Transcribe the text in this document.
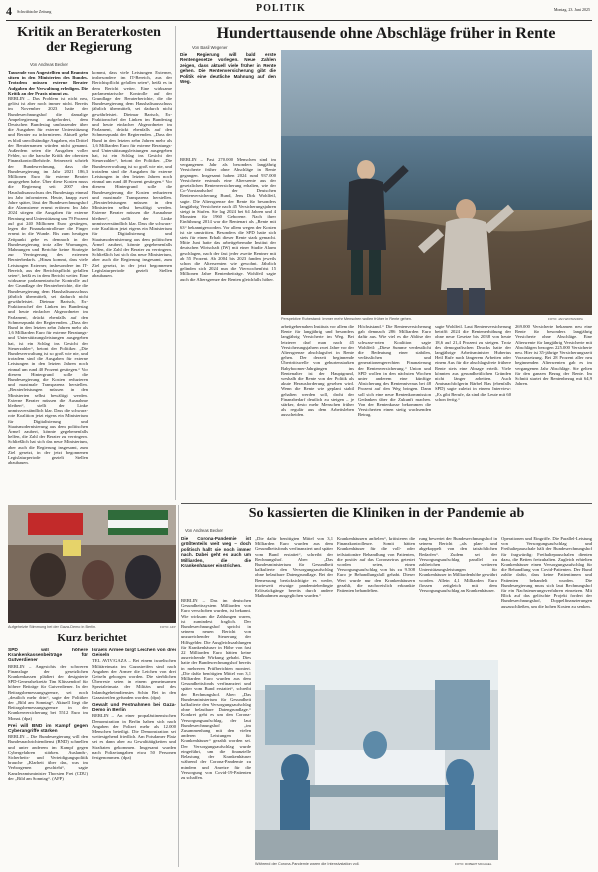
4 Schwäbische Zeitung	POLITIK	Montag, 23. Juni 2025
Kritik an Beraterkosten der Regierung
Von Andreas Becker

Tausende von Angestellten und Beamten sitzen in den Ministerien des Bundes. Trotzdem müssen externe Berater Aufgaben der Verwaltung erledigen. Die Kritik an der Praxis nimmt zu.

BERLIN – Das Problem ist nicht neu, gelöst ist aber noch immer nicht. Bereits im November 2023 hatte der Bundesrechnungshof die damalige Ampelregierung aufgefordert, dem Deutschen Bundestag umfassender über die Ausgaben für externe Unterstützung und Berater zu informieren. Aktuell gebe es bloß unvollständige Angaben, ein Drittel der Beraternamen würden nicht genannt. Außerdem seien die Ausgaben voller Fehler, so die harsche Kritik der obersten Finanzkontrollbehörde. Seinerzeit schrieb der Bundesrechnung, dass die Bundesregierung im Jahr 2021 186,3 Millionen Euro für externe Berater ausgegeben habe. Über diese Kosten muss die Regierung seit 2007 den Haushaltsausschuss des Bundestags einmal im Jahr informieren. Heute, knapp zwei Jahre später, lässt der Bundesrechnungshof die Alarmsirene erneut ertönen: Im Jahr 2024 stiegen die Ausgaben für externe Beratung und Unterstützung um 79 Prozent auf gut 240 Millionen Euro gestiegen, legen die Finanzkontrolleure die Finger erneut in die Wunde. Bis zum heutigen Zeitpunkt gebe es demnach in der Bundesregierung trotz aller Warnungen, Mahnungen und Berichte keine Strategie zur Verringerung des externen Beraterbedarfs. „Hinzu kommt, dass viele Leistungen Externer, insbesondere im IT-Bereich, aus der Berichtspflicht gefallen seien“, heißt es in dem Bericht weiter. Eine wirksame parlamentarische Kontrolle auf der Grundlage der Beraterberichte, die die Bundesregierung dem Haushaltsausschuss jährlich übermittelt, sei dadurch nicht gewährleistet. Dietmar Bartsch, Ex-Fraktionschef der Linken im Bundestag und heute einfacher Abgeordneter im Parlament, drückt ebenfalls auf den Schmerzpunkt der Regierenden. „Dass der Bund in den letzten zehn Jahren mehr als 1,6 Milliarden Euro für externe Beratungs- und Unterstützungsleistungen ausgegeben hat, ist ein Schlag ins Gesicht der Steuerzahler“, betont der Politiker. „Die Bundesverwaltung ist so groß wie nie, und trotzdem sind die Ausgaben für externe Leistungen in den letzten Jahren noch einmal um rund 40 Prozent gestiegen.“ Vor diesem Hintergrund solle die Bundesregierung die Kosten reduzieren und maximale Transparenz herstellen. „Beraterleistungen müssen in den Ministerien selbst bewältigt werden. Externe Berater müssen die Ausnahme bleiben“, stellt der Linke unmissverständlich klar. Dass die schwarz-rote Koalition jetzt eigens ein Ministerium für Digitalisierung und Staatsmodernisierung aus dem politischen Ärmel zaubert, könnte gegebenenfalls helfen, die Zahl der Berater zu verringern. Schließlich hat sich das neue Ministerium, aber auch die Regierung insgesamt, zum Ziel gesetzt, in der jetzt begonnenen Legislaturperiode gezielt Stellen abzubauen.

kommt, dass viele Leistungen Externer, insbesondere im IT-Bereich, aus der Berichtspflicht gefallen seien“, heißt es in dem Bericht weiter. Eine wirksame parlamentarische Kontrolle auf der Grundlage der Beraterberichte, die die Bundesregierung dem Haushaltsausschuss jährlich übermittelt, sei dadurch nicht gewährleistet. Dietmar Bartsch, Ex-Fraktionschef der Linken im Bundestag und heute einfacher Abgeordneter im Parlament, drückt ebenfalls auf den Schmerzpunkt der Regierenden. „Dass der Bund in den letzten zehn Jahren mehr als 1,6 Milliarden Euro für externe Beratungs- und Unterstützungsleistungen ausgegeben hat, ist ein Schlag ins Gesicht der Steuerzahler“, betont der Politiker. „Die Bundesverwaltung ist so groß wie nie, und trotzdem sind die Ausgaben für externe Leistungen in den letzten Jahren noch einmal um rund 40 Prozent gestiegen.“ Vor diesem Hintergrund solle die Bundesregierung die Kosten reduzieren und maximale Transparenz herstellen. „Beraterleistungen müssen in den Ministerien selbst bewältigt werden. Externe Berater müssen die Ausnahme bleiben“, stellt der Linke unmissverständlich klar. Dass die schwarz-rote Koalition jetzt eigens ein Ministerium für Digitalisierung und Staatsmodernisierung aus dem politischen Ärmel zaubert, könnte gegebenenfalls helfen, die Zahl der Berater zu verringern. Schließlich hat sich das neue Ministerium, aber auch die Regierung insgesamt, zum Ziel gesetzt, in der jetzt begonnenen Legislaturperiode gezielt Stellen abzubauen.

Hunderttausende ohne Abschläge früher in Rente
Von Basil Wegener
Die Regierung will bald erste Rentengesetze vorlegen. Neue Zahlen zeigen, dass aktuell viele früher in Rente gehen. Die Rentenversicherung gibt die Politik eine deutliche Mahnung auf den Weg.
BERLIN – Fast 270.000 Menschen sind im vergangenen Jahr als besonders langjährig Versicherte früher ohne Abschläge in Rente gegangen. Insgesamt haben 2024 rund 937.000 Versicherte erstmals eine Altersrente aus der gesetzlichen Rentenversicherung erhalten, wie der Co-Vorstandschef der Deutschen Rentenversicherung Bund, Jens Dirk Wohlfeil, sagte. Die Altersgrenze der Rente für besonders langjährig Versicherte nach 45 Versicherungsjahren steigt in Stufen. Sie lag 2024 bei 64 Jahren und 4 Monaten für 1960 Geborene. Nach ihrer Einführung 2014 war die Rentenart als „Rente mit 63“ bekanntgeworden. Vor allem wegen der Kosten ist sie umstritten. Besonders die SPD hatte sich stets für einen Erhalt dieser Rente stark gemacht. Mitte Juni hatte das arbeitgebernahe Institut der deutschen Wirtschaft (IW) mit einer Studie Alarm geschlagen, nach der fast jeder zweite Rentner mit ab 55 Prozent. Ab 2004 bis 2023 fanden jeweils schon die Altersrenten wie gewohnt. Jährlich gelinden sich 2024 nun die Vierwochenfrist 15 Millionen Jahre Rentenbeiträge. Wohlfeil sagte auch die Altersgrenze der Renten gleichfalls höher.
Perspektive Ruhestand: Immer mehr Menschen wollen früher in Rente gehen.	FOTO: JAN WOITAS/DPA

arbeitgebernahen Instituts vor allem die Rente für langjährig und besonders langjährig Versicherte im Weg. Bei letzterer darf man nach 45 Versicherungsjahren zwei Jahre vor der Altersgrenze abschlagsfrei in Rente gehen. Der derzeit beginnende Übertrittswelle von geburtenstarken Babyboomer-Jahrgängen ins Rentenalter ist der Hauptgrund, weshalb die Rente von der Politik als akute Herausforderung gesehen wird. Wenn die Rente wie geplant stabil gehalten werden soll, droht der Finanzbedarf deutlich zu steigen – je stärker, desto mehr Menschen früher als regulär aus dem Arbeitsleben ausscheiden.

Höchststand.“ Die Rentenversicherung gab demnach 286 Milliarden Euro dafür aus. Wie viel es die Ablöse der schwarz-roten Koalition sagte Wohlfeil: „Diese Summe verdeutlicht die Bedeutung einer stabilen, verlässlichen und generationengerechten Finanzierung der Rentenversicherung.“ Union und SPD wollen in den nächsten Wochen unter anderem eine künftige Absicherung des Rentenniveaus bei 48 Prozent auf den Weg bringen. Dann soll sich eine neue Rentenkommission Gedanken über die Zukunft machen. Von der Rentenkasse bekommen die Versicherten einen stetig wachsenden Betrag.

sagte Wohlfeil. Laut Rentenversicherung betrifft 2024 die Rentenerhöhung der ohne neue Gesetze bis 2038 von heute 18,6 auf 21,4 Prozent zu steigen. Trotz des demografischen Drucks hatte der langjährige Arbeitsminister Hubertus Heil Rufe nach längerem Arbeiten oder einem Aus für die abschlagsfreie frühere Rente stets eine Absage erteilt. Viele könnten aus gesundheitlichen Gründen nicht länger arbeiten. Auch Amtsnachfolgerin Bärbel Bas (ebenfalls SPD) sagte zuletzt in einem Interview: „Es gibt Berufe, da sind die Leute mit 60 schon fertig.“

269.000 Versicherte bekamen neu eine Rente für besonders langjährig Versicherte ohne Abschläge. Eine Altersrente für langjährig Versicherte mit Abschlägen bezogen 225.000 Versicherte neu. Hier ist 35-jährige Versicherungszeit Voraussetzung. Bei 28 Prozent aller neu beginnenden Altersrenten gab es im vergangenen Jahr Abschläge. Sie gelten für den ganzen Bezug der Rente. Im Schnitt startet der Rentenbezug mit 64,9 Jahren.

Aufgeheizte Stimmung bei der Gaza-Demo in Berlin.	FOTO: AFP
Kurz berichtet

SPD will höhere Krankenkassenbeiträge für Gutverdiener

BERLIN – Angesichts der schweren Finanzlage der gesetzlichen Krankenkassen plädiert der designierte SPD-Generalsekretär Tim Klüssendorf für höhere Beiträge für Gutverdiener. In der Beitragsbemessungsgrenze, sei noch „deutlich mehr drin“, sagte der Politiker der „Bild am Sonntag“. Aktuell liegt die Beitragsbemessungsgrenze in der Krankenversicherung bei 5512 Euro im Monat. (dpa)

Frei will BND im Kampf gegen Cyberangriffe stärken

BERLIN – Die Bundesregierung will den Bundesnachrichtendienst (BND) schnellen und unter anderem im Kampf gegen Cybergefahren stärken. Auslands-, Sicherheits- und Verteidigungspolitik brauche „Klarheit über das, was im Verborgenen geschieht“, sagte Kanzleramtsminister Thorsten Frei (CDU) der „Bild am Sonntag“. (AFP)

Israels Armee birgt Leichen von drei Geiseln

TEL AVIV/GAZA – Bei einem israelischen Militäreinsatz im Gazastreifen sind nach Angaben der Armee die Leichen von drei Geiseln geborgen worden. Die sterblichen Überreste seien in einem gemeinsamen Spezialeinsatz der Militärs und des Inlandsgeheimdienstes Schin Bet in den Gazastreifen gefunden worden. (dpa)

Gewalt und Festnahmen bei Gaza-Demo in Berlin

BERLIN – An einer propalästinensischen Demonstration in Berlin haben sich nach Angaben der Polizei mehr als 12.000 Menschen beteiligt. Die Demonstration sei weitestgehend friedlich. Am Potsdamer Platz sei es dann aber zu Gewalttätigkeiten und Straftaten gekommen. Insgesamt wurden nach Polizeiangaben etwa 50 Personen festgenommen. (dpa)

So kassierten die Kliniken in der Pandemie ab
Von Andreas Becker
Die Corona-Pandemie ist größtenteils weit weg – doch politisch hallt sie noch immer nach. Dabei geht es auch um Milliarden, die die Krankenhäuser einstrichen.
BERLIN – Das im deutschen Gesundheitssystem Milliarden von Euro verschoben wurden, ist bekannt. Wie wirksam die Zahlungen waren, ist zumindest fraglich. Der Bundesrechnungshof spricht in seinem neuen Bericht von unzureichender Steuerung der Hilfsgelder. Die Ausgleichszahlungen für Krankenhäuser in Höhe von fast 22 Milliarden Euro hätten keine ausreichende Wirkung gehabt. Dies hatte der Bundesrechnungshof bereits in mehreren Prüfberichten moniert. „Die dafür benötigten Mittel von 3,1 Milliarden Euro wurden aus dem Gesundheitsfonds verfinanziert und später vom Bund erstattet“, schreibt der Rechnungshof. Aber: „Das Bundesministerium für Gesundheit kalkulierte den Versorgungsaufschlag ohne belastbare Datengrundlage.“ Konkret geht es um den Corona-Versorgungsaufschlag, der laut Bundesrechnungshof „im Zusammenhang mit den vielen anderen Leistungen für Krankenhäuser“ gezahlt worden sei. Der Versorgungsaufschlag wurde eingeführt, um die finanzielle Belastung der Krankenhäuser während der Corona-Pandemie zu mindern und Anreize für die Versorgung von Covid-19-Patienten zu schaffen.

„Die dafür benötigten Mittel von 3,1 Milliarden Euro wurden aus dem Gesundheitsfonds verfinanziert und später vom Bund erstattet“, schreibt der Rechnungshof. Aber: „Das Bundesministerium für Gesundheit kalkulierte den Versorgungsaufschlag ohne belastbare Datengrundlage. Bei der Bemessung berücksichtigte es weder, inwieweit etwaige pandemiebedingte Erlösrückgänge bereits durch andere Maßnahmen ausgeglichen wurden.“

Krankenhäusern anfielen“, kritisieren die Finanzkontrolleure. Somit hätten Krankenhäuser für die voll- oder teilstationäre Behandlung von Patienten, die positiv auf das Coronavirus getestet worden seien, einen Versorgungsaufschlag von bis zu 9.508 Euro je Behandlungsfall gehabt. Dieser Wert wurde nur den Krankenhäusern gezahlt, die nachweislich erkrankte Patienten behandelten.

rung bewertet der Bundesrechnungshof in seinem Bericht „als plan- und abgekoppelt von den tatsächlichen Bedarfen“. Zudem sei der Versorgungsaufschlag parallel zu zahlreichen weiteren Unterstützungsleistungen für Krankenhäuser in Milliardenhöhe gewährt worden. Allein 4,1 Milliarden Euro flossen zeitgleich mit dem Versorgungsaufschlag an Krankenhäuser.

Operationen und Eingriffe. Die Parallel-Leistung von Versorgungsaufschlag und Freihaltepauschale hält der Bundesrechnungshof für fragwürdig: Freihaltepauschalen dienten dazu, die Betten freizuhalten. Zugleich erhielten Krankenhäuser einen Versorgungsaufschlag für die Behandlung von Covid-Patienten. Der Bund zahlte dafür, dass keine Patientinnen und Patienten behandelt wurden. Die Bundesregierung muss sich laut Rechnungshof für ein Nachsteuerungsverfahren einsetzen. Mit Blick auf das gelöschte Projekt fordert der Bundesrechnungshof, Doppelfinanzierungen auszuschließen, um die hohen Kosten zu senken.

Während der Corona-Pandemie waren die Intensivstation voll.	FOTO: ROBERT MICHAEL
